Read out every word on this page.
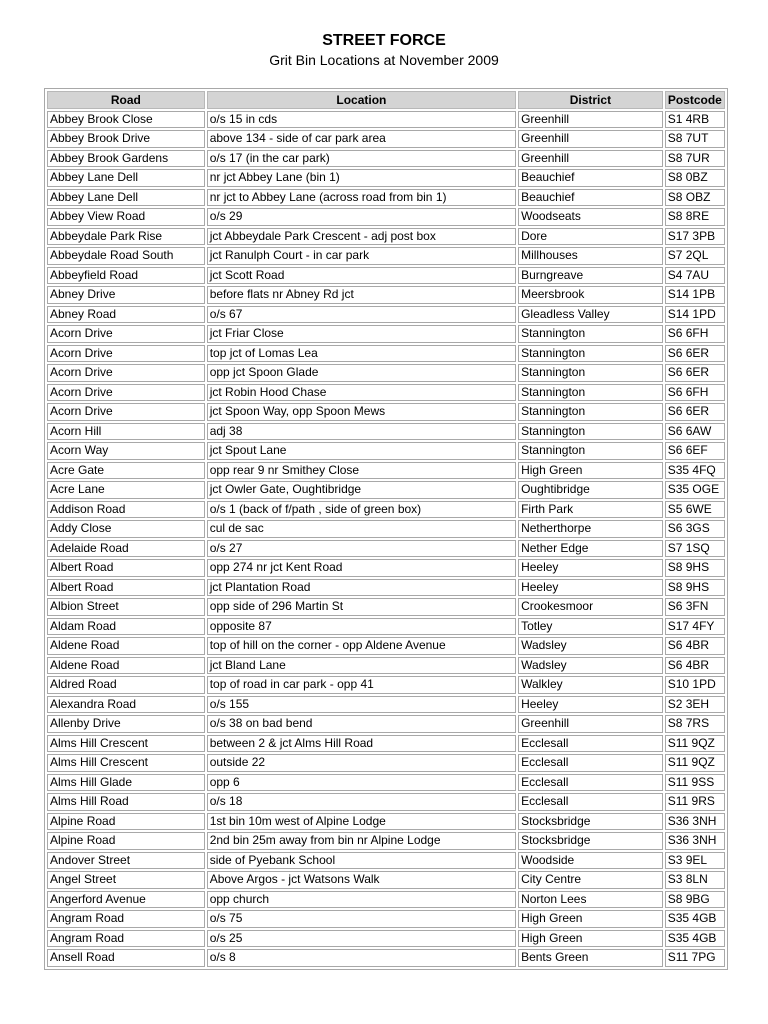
STREET FORCE
Grit Bin Locations at November 2009
Road	Location	District	Postcode
Abbey Brook Close	o/s 15 in cds	Greenhill	S1 4RB
Abbey Brook Drive	above 134 - side of car park area	Greenhill	S8 7UT
Abbey Brook Gardens	o/s 17 (in the car park)	Greenhill	S8 7UR
Abbey Lane Dell	nr jct Abbey Lane (bin 1)	Beauchief	S8 0BZ
Abbey Lane Dell	nr jct to Abbey Lane (across road from bin 1)	Beauchief	S8 OBZ
Abbey View Road	o/s 29	Woodseats	S8 8RE
Abbeydale Park Rise	jct Abbeydale Park Crescent - adj post box	Dore	S17 3PB
Abbeydale Road South	jct Ranulph Court - in car park	Millhouses	S7 2QL
Abbeyfield Road	jct Scott Road	Burngreave	S4 7AU
Abney Drive	before flats nr Abney Rd jct	Meersbrook	S14 1PB
Abney Road	o/s 67	Gleadless Valley	S14 1PD
Acorn Drive	jct Friar Close	Stannington	S6 6FH
Acorn Drive	top jct of Lomas Lea	Stannington	S6 6ER
Acorn Drive	opp jct Spoon Glade	Stannington	S6 6ER
Acorn Drive	jct Robin Hood Chase	Stannington	S6 6FH
Acorn Drive	jct Spoon Way, opp Spoon Mews	Stannington	S6 6ER
Acorn Hill	adj 38	Stannington	S6 6AW
Acorn Way	jct Spout Lane	Stannington	S6 6EF
Acre Gate	opp rear 9 nr Smithey Close	High Green	S35 4FQ
Acre Lane	jct Owler Gate, Oughtibridge	Oughtibridge	S35 OGE
Addison Road	o/s 1 (back of f/path , side of green box)	Firth Park	S5 6WE
Addy Close	cul de sac	Netherthorpe	S6 3GS
Adelaide Road	o/s 27	Nether Edge	S7 1SQ
Albert Road	opp 274 nr jct Kent Road	Heeley	S8 9HS
Albert Road	jct Plantation Road	Heeley	S8 9HS
Albion Street	opp side of 296 Martin St	Crookesmoor	S6 3FN
Aldam Road	opposite 87	Totley	S17 4FY
Aldene Road	top of hill on the corner - opp Aldene Avenue	Wadsley	S6 4BR
Aldene Road	jct Bland Lane	Wadsley	S6 4BR
Aldred Road	top of road in car park - opp 41	Walkley	S10 1PD
Alexandra Road	o/s 155	Heeley	S2 3EH
Allenby Drive	o/s 38 on bad bend	Greenhill	S8 7RS
Alms Hill Crescent	between 2 & jct Alms Hill Road	Ecclesall	S11 9QZ
Alms Hill Crescent	outside 22	Ecclesall	S11 9QZ
Alms Hill Glade	opp 6	Ecclesall	S11 9SS
Alms Hill Road	o/s 18	Ecclesall	S11 9RS
Alpine Road	1st bin 10m west of Alpine Lodge	Stocksbridge	S36 3NH
Alpine Road	2nd bin 25m away from bin nr Alpine Lodge	Stocksbridge	S36 3NH
Andover Street	side of Pyebank School	Woodside	S3 9EL
Angel Street	Above Argos - jct Watsons Walk	City Centre	S3 8LN
Angerford Avenue	opp church	Norton Lees	S8 9BG
Angram Road	o/s 75	High Green	S35 4GB
Angram Road	o/s 25	High Green	S35 4GB
Ansell Road	o/s 8	Bents Green	S11 7PG
